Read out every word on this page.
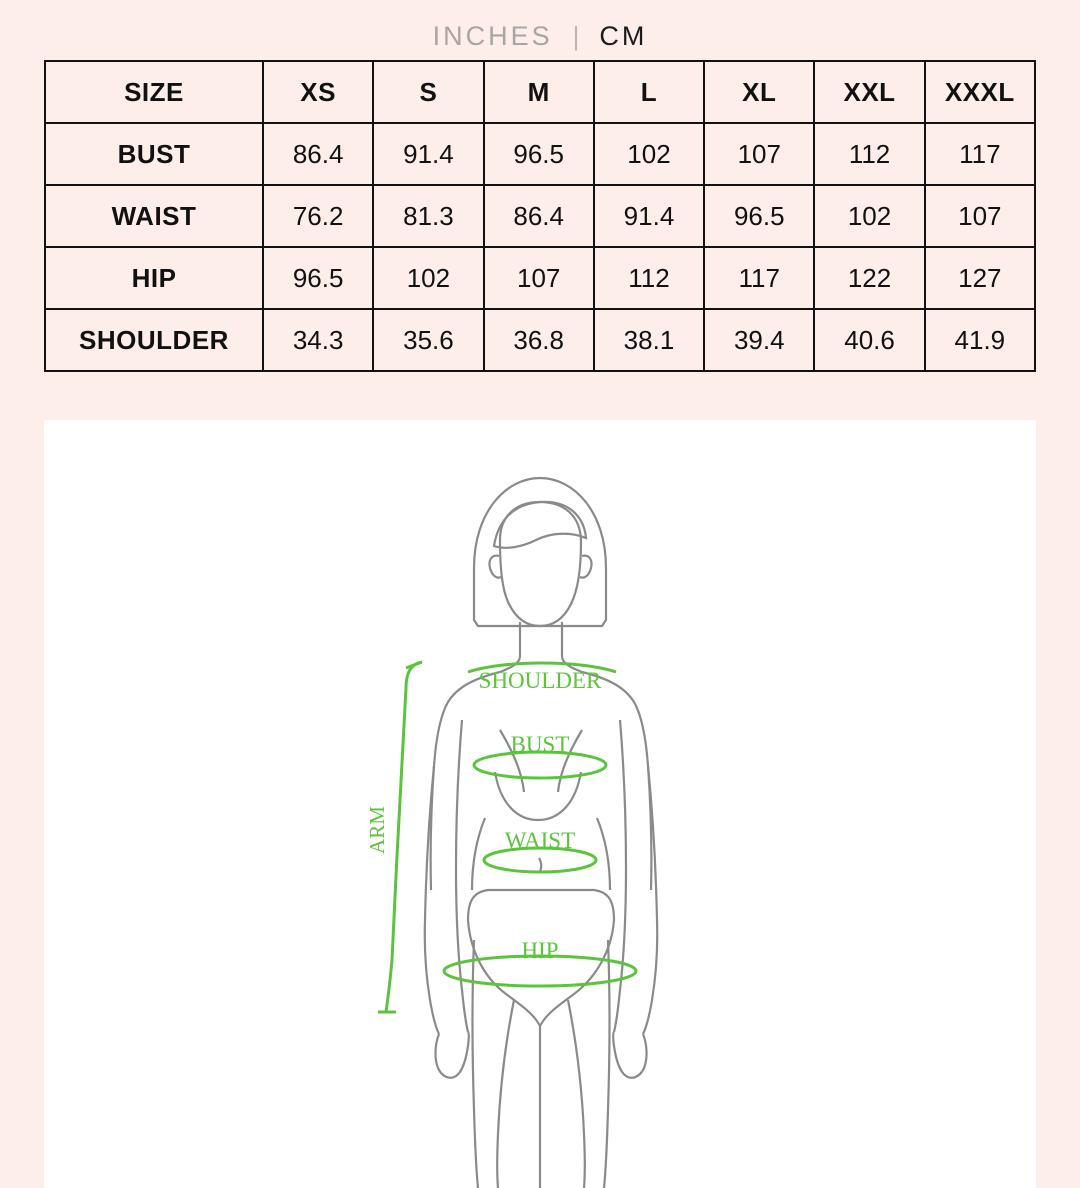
INCHES | CM
SIZE	XS	S	M	L	XL	XXL	XXXL
BUST	86.4	91.4	96.5	102	107	112	117
WAIST	76.2	81.3	86.4	91.4	96.5	102	107
HIP	96.5	102	107	112	117	122	127
SHOULDER	34.3	35.6	36.8	38.1	39.4	40.6	41.9
SHOULDER
BUST
WAIST
HIP
ARM
